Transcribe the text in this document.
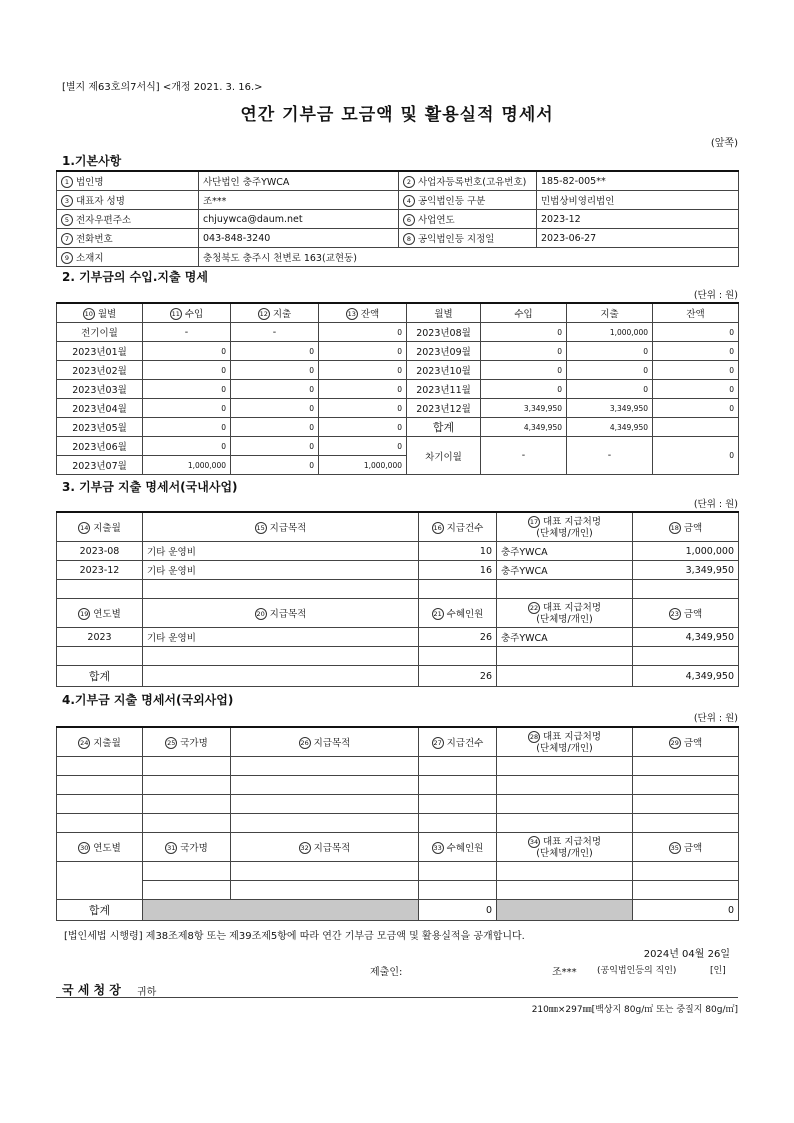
[별지 제63호의7서식] <개정 2021. 3. 16.>
연간 기부금 모금액 및 활용실적 명세서
(앞쪽)
1.기본사항
1 법인명	사단법인 충주YWCA	2 사업자등록번호(고유번호)	185-82-005**
3 대표자 성명	조***	4 공익법인등 구분	민법상비영리법인
5 전자우편주소	chjuywca@daum.net	6 사업연도	2023-12
7 전화번호	043-848-3240	8 공익법인등 지정일	2023-06-27
9 소재지	충청북도 충주시 천변로 163(교현동)		
2. 기부금의 수입.지출 명세
(단위 : 원)
10 월별	11 수입	12 지출	13 잔액	월별	수입	지출	잔액
전기이월	-	-	0	2023년08월	0	1,000,000	0
2023년01월	0	0	0	2023년09월	0	0	0
2023년02월	0	0	0	2023년10월	0	0	0
2023년03월	0	0	0	2023년11월	0	0	0
2023년04월	0	0	0	2023년12월	3,349,950	3,349,950	0
2023년05월	0	0	0	합계	4,349,950	4,349,950	
2023년06월	0	0	0	차기이월	-	-	0
2023년07월	1,000,000	0	1,000,000				
3. 기부금 지출 명세서(국내사업)
(단위 : 원)
14 지출월	15 지급목적	16 지급건수	17 대표 지급처명
(단체명/개인)	18 금액
2023-08	기타 운영비	10	충주YWCA	1,000,000
2023-12	기타 운영비	16	충주YWCA	3,349,950

19 연도별	20 지급목적	21 수혜인원	22 대표 지급처명
(단체명/개인)	23 금액
2023	기타 운영비	26	충주YWCA	4,349,950

합계		26		4,349,950
4.기부금 지출 명세서(국외사업)
(단위 : 원)
24 지출월	25 국가명	26 지급목적	27 지급건수	28 대표 지급처명
(단체명/개인)	29 금액

30 연도별	31 국가명	32 지급목적	33 수혜인원	34 대표 지급처명
(단체명/개인)	35 금액

합계			0		0
[법인세법 시행령] 제38조제8항 또는 제39조제5항에 따라 연간 기부금 모금액 및 활용실적을 공개합니다.
2024년 04월 26일
제출인:	조*** (공익법인등의 직인)	[인]
국 세 청 장 귀하
210㎜×297㎜[백상지 80g/㎡ 또는 중질지 80g/㎡]
